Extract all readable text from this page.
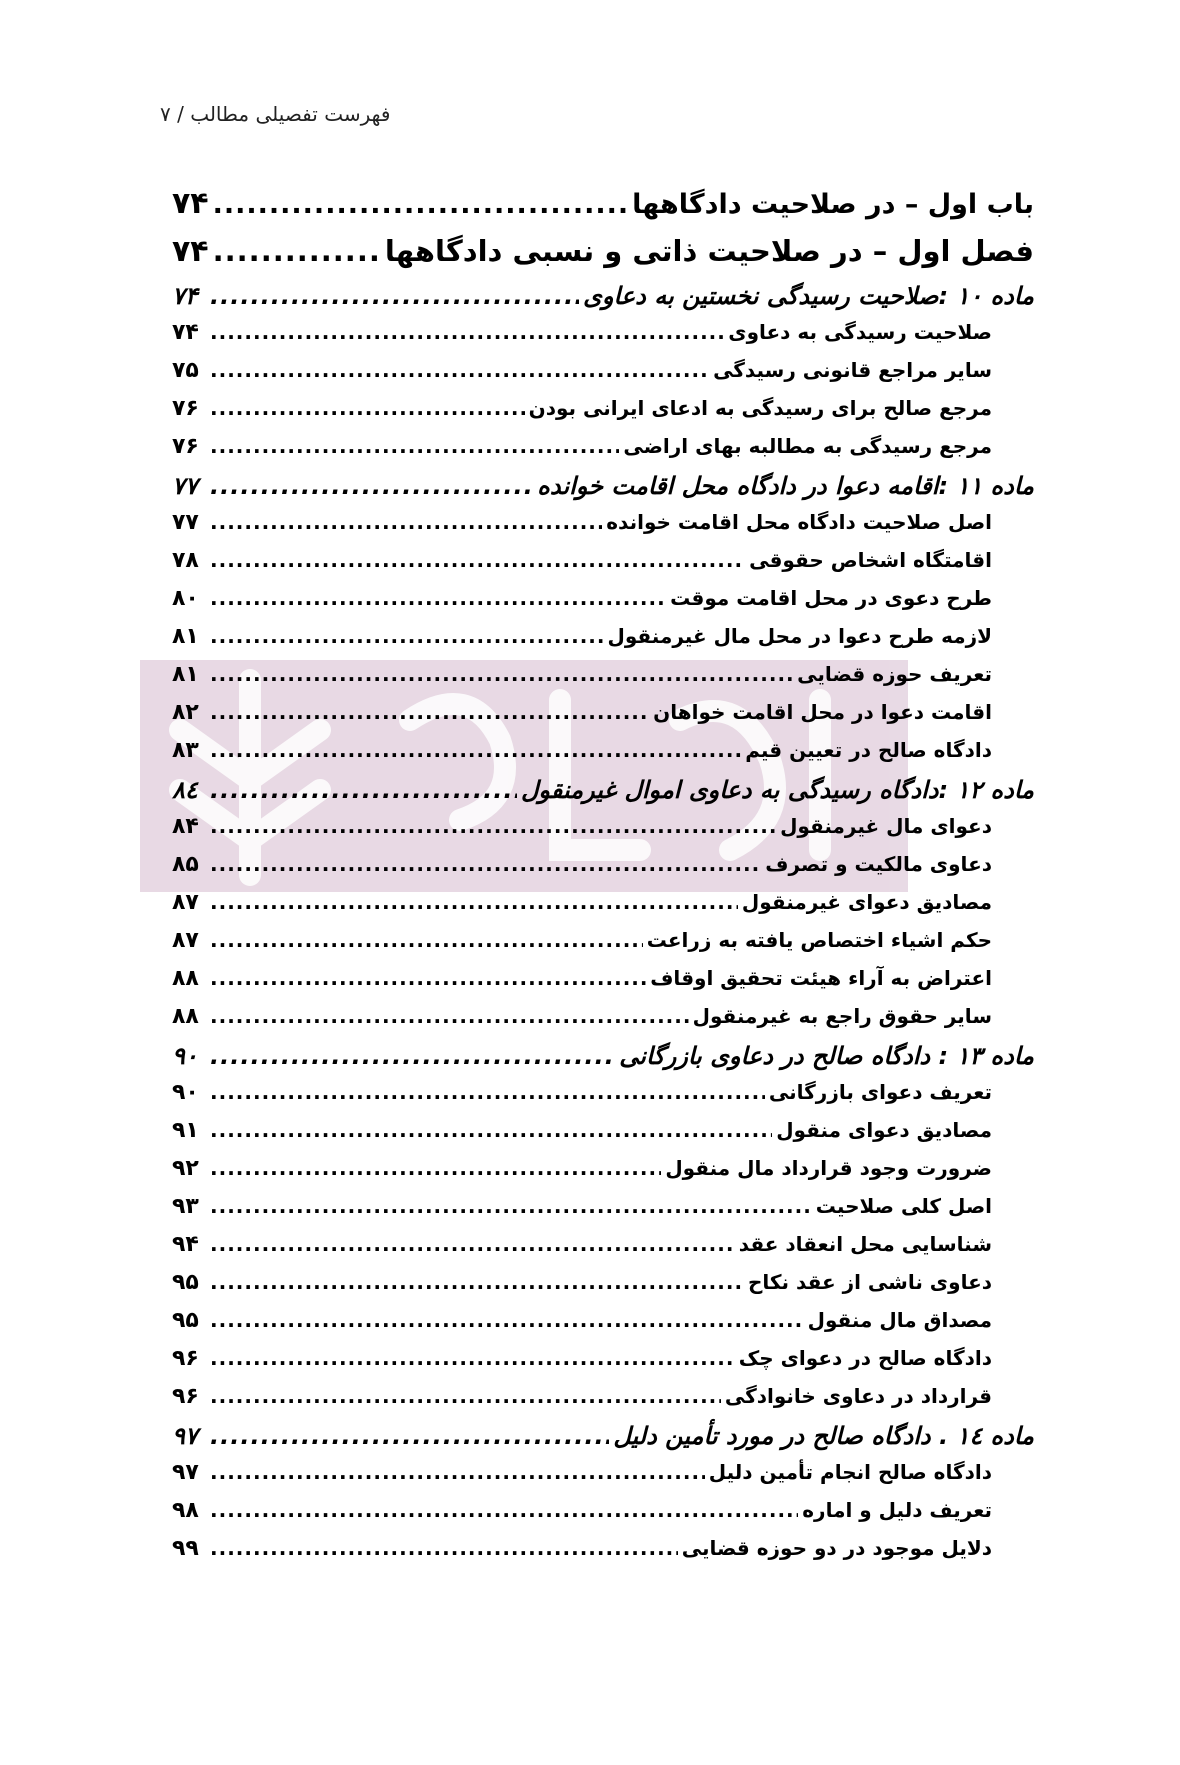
فهرست تفصیلی مطالب / ۷
باب اول – در صلاحیت دادگاهها
.....
۷۴
فصل اول – در صلاحیت ذاتی و نسبی دادگاهها
.....
۷۴
ماده ۱۰ :صلاحیت رسیدگی نخستین به دعاوی
.....
۷۴
صلاحیت رسیدگی به دعاوی
.....
۷۴
سایر مراجع قانونی رسیدگی
.....
۷۵
مرجع صالح برای رسیدگی به ادعای ایرانی بودن
.....
۷۶
مرجع رسیدگی به مطالبه بهای اراضی
.....
۷۶
ماده ۱۱ :اقامه دعوا در دادگاه محل اقامت خوانده
.....
۷۷
اصل صلاحیت دادگاه محل اقامت خوانده
.....
۷۷
اقامتگاه اشخاص حقوقی
.....
۷۸
طرح دعوی در محل اقامت موقت
.....
۸۰
لازمه طرح دعوا در محل مال غیرمنقول
.....
۸۱
تعریف حوزه قضایی
.....
۸۱
اقامت دعوا در محل اقامت خواهان
.....
۸۲
دادگاه صالح در تعیین قیم
.....
۸۳
ماده ۱۲ :دادگاه رسیدگی به دعاوی اموال غیرمنقول
.....
۸٤
دعوای مال غیرمنقول
.....
۸۴
دعاوی مالکیت و تصرف
.....
۸۵
مصادیق دعوای غیرمنقول
.....
۸۷
حکم اشیاء اختصاص یافته به زراعت
.....
۸۷
اعتراض به آراء هیئت تحقیق اوقاف
.....
۸۸
سایر حقوق راجع به غیرمنقول
.....
۸۸
ماده ۱۳ : دادگاه صالح در دعاوی بازرگانی
.....
۹۰
تعریف دعوای بازرگانی
.....
۹۰
مصادیق دعوای منقول
.....
۹۱
ضرورت وجود قرارداد مال منقول
.....
۹۲
اصل کلی صلاحیت
.....
۹۳
شناسایی محل انعقاد عقد
.....
۹۴
دعاوی ناشی از عقد نکاح
.....
۹۵
مصداق مال منقول
.....
۹۵
دادگاه صالح در دعوای چک
.....
۹۶
قرارداد در دعاوی خانوادگی
.....
۹۶
ماده ١٤ . دادگاه صالح در مورد تأمین دلیل
.....
۹۷
دادگاه صالح انجام تأمین دلیل
.....
۹۷
تعریف دلیل و اماره
.....
۹۸
دلایل موجود در دو حوزه قضایی
.....
۹۹
